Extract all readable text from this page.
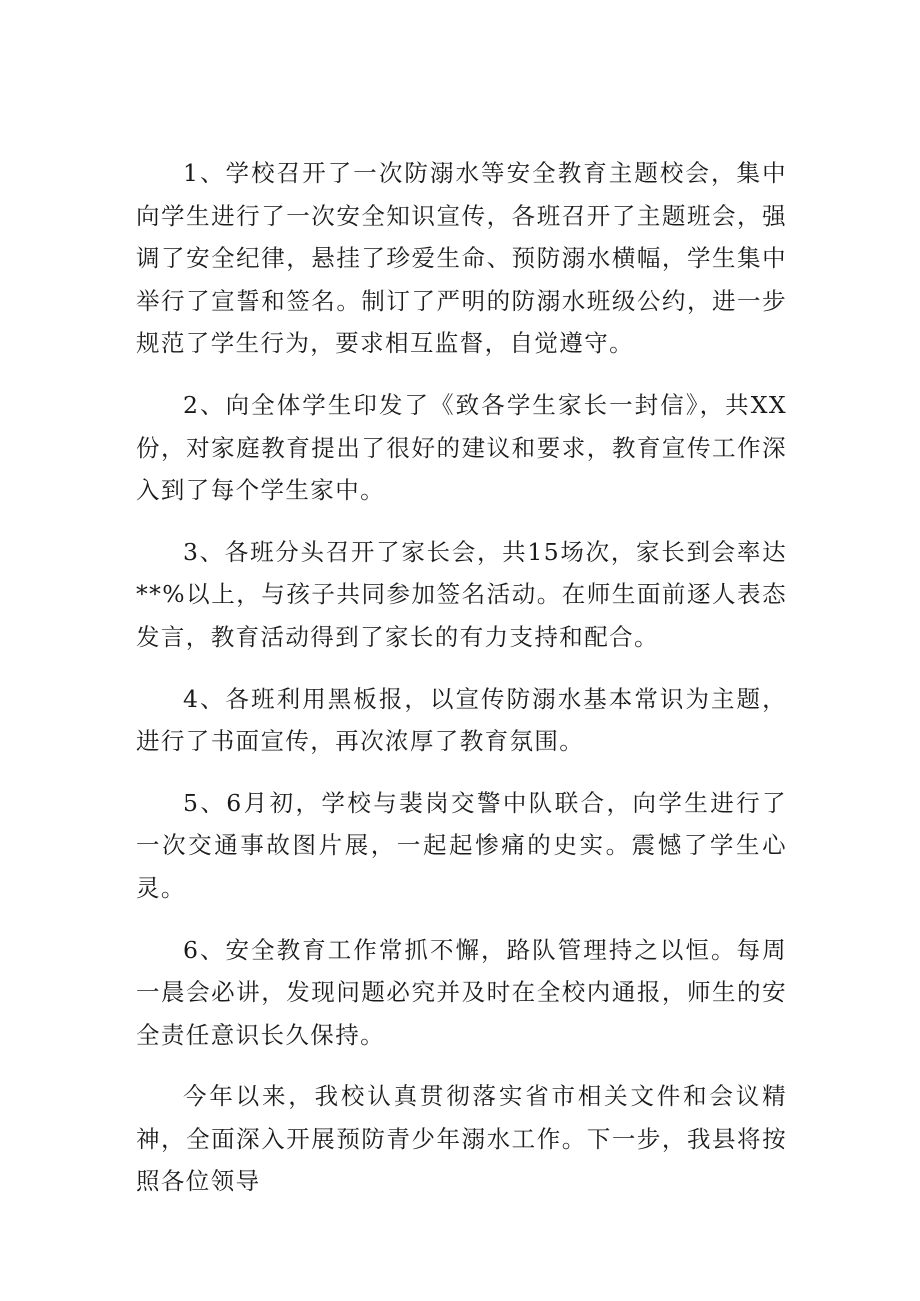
1、学校召开了一次防溺水等安全教育主题校会，集中向学生进行了一次安全知识宣传，各班召开了主题班会，强调了安全纪律，悬挂了珍爱生命、预防溺水横幅，学生集中举行了宣誓和签名。制订了严明的防溺水班级公约，进一步规范了学生行为，要求相互监督，自觉遵守。

2、向全体学生印发了《致各学生家长一封信》，共XX份，对家庭教育提出了很好的建议和要求，教育宣传工作深入到了每个学生家中。

3、各班分头召开了家长会，共15场次，家长到会率达**%以上，与孩子共同参加签名活动。在师生面前逐人表态发言，教育活动得到了家长的有力支持和配合。

4、各班利用黑板报，以宣传防溺水基本常识为主题，进行了书面宣传，再次浓厚了教育氛围。

5、6月初，学校与裴岗交警中队联合，向学生进行了一次交通事故图片展，一起起惨痛的史实。震憾了学生心灵。

6、安全教育工作常抓不懈，路队管理持之以恒。每周一晨会必讲，发现问题必究并及时在全校内通报，师生的安全责任意识长久保持。

今年以来，我校认真贯彻落实省市相关文件和会议精神，全面深入开展预防青少年溺水工作。下一步，我县将按照各位领导
